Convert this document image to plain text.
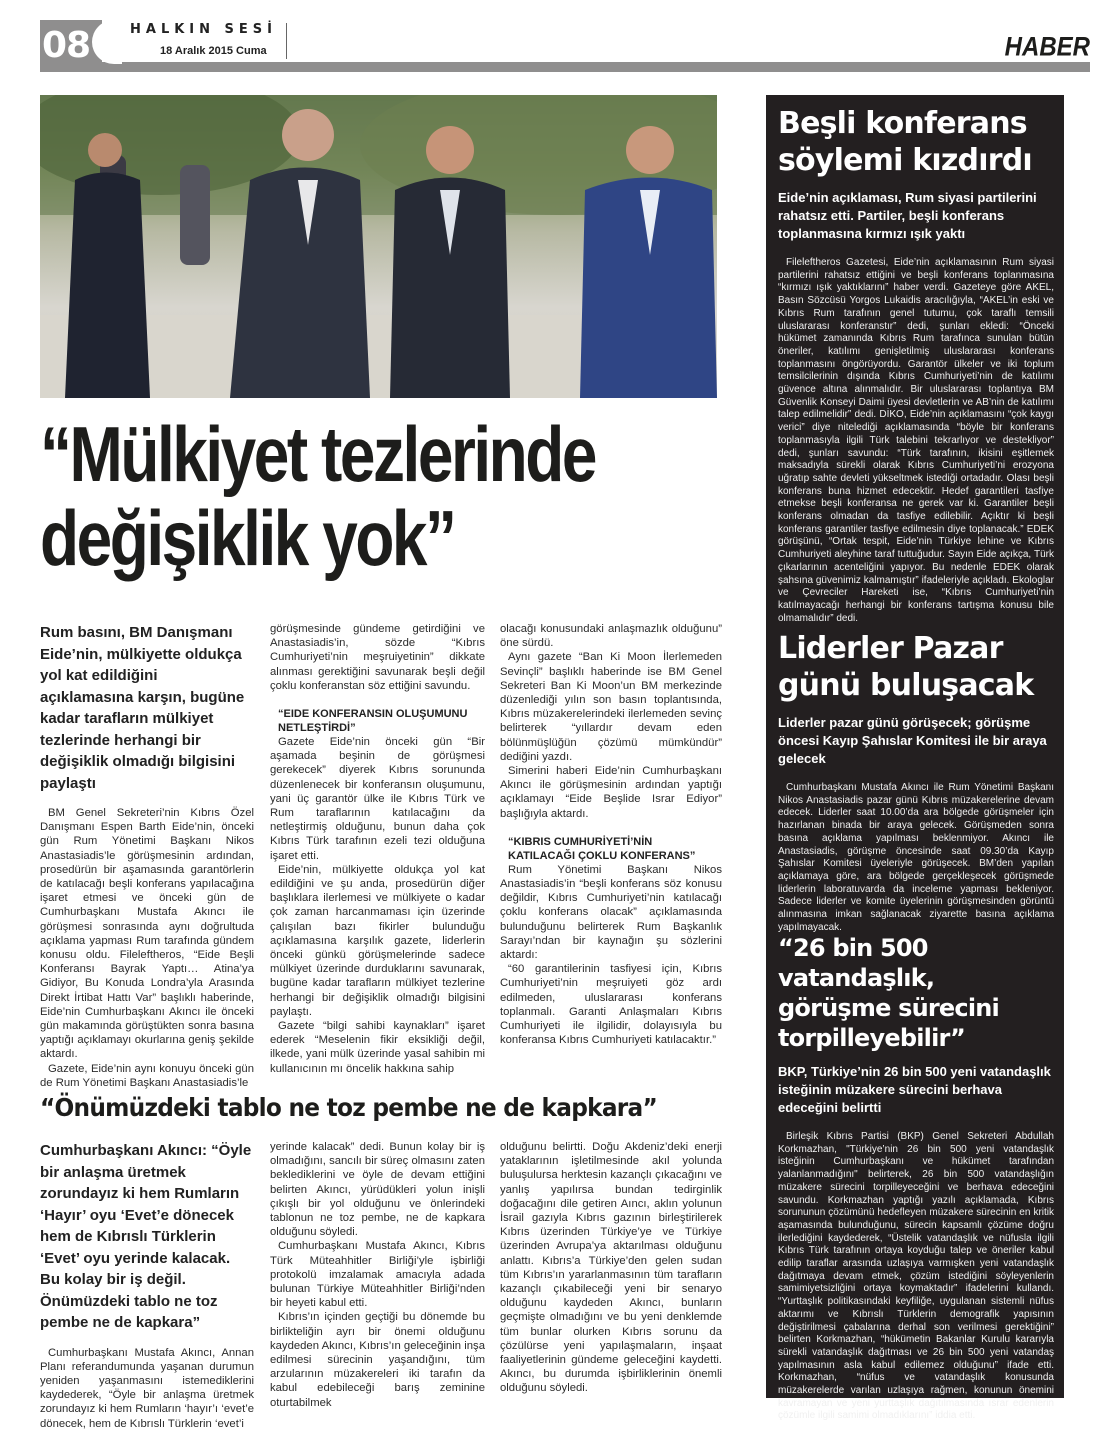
08	HALKIN SESİ
18 Aralık 2015 Cuma	HABER
“Mülkiyet tezlerinde
değişiklik yok”
Rum basını, BM Danışmanı Eide’nin, mülkiyette oldukça yol kat edildiğini açıklamasına karşın, bugüne kadar tarafların mülkiyet tezlerinde herhangi bir değişiklik olmadığı bilgisini paylaştı

BM Genel Sekreteri’nin Kıbrıs Özel Danışmanı Espen Barth Eide’nin, önceki gün Rum Yönetimi Başkanı Nikos Anastasiadis’le görüşmesinin ardından, prosedürün bir aşamasında garantörlerin de katılacağı beşli konferans yapılacağına işaret etmesi ve önceki gün de Cumhurbaşkanı Mustafa Akıncı ile görüşmesi sonrasında aynı doğrultuda açıklama yapması Rum tarafında gündem konusu oldu. Fileleftheros, “Eide Beşli Konferansı Bayrak Yaptı… Atina’ya Gidiyor, Bu Konuda Londra’yla Arasında Direkt İrtibat Hattı Var” başlıklı haberinde, Eide’nin Cumhurbaşkanı Akıncı ile önceki gün makamında görüştükten sonra basına yaptığı açıklamayı okurlarına geniş şekilde aktardı.

Gazete, Eide’nin aynı konuyu önceki gün de Rum Yönetimi Başkanı Anastasiadis’le

görüşmesinde gündeme getirdiğini ve Anastasiadis’in, sözde “Kıbrıs Cumhuriyeti’nin meşruiyetinin” dikkate alınması gerektiğini savunarak beşli değil çoklu konferanstan söz ettiğini savundu.

“EIDE KONFERANSIN OLUŞUMUNU NETLEŞTİRDİ”

Gazete Eide’nin önceki gün “Bir aşamada beşinin de görüşmesi gerekecek” diyerek Kıbrıs sorununda düzenlenecek bir konferansın oluşumunu, yani üç garantör ülke ile Kıbrıs Türk ve Rum taraflarının katılacağını da netleştirmiş olduğunu, bunun daha çok Kıbrıs Türk tarafının ezeli tezi olduğuna işaret etti.

Eide’nin, mülkiyette oldukça yol kat edildiğini ve şu anda, prosedürün diğer başlıklara ilerlemesi ve mülkiyete o kadar çok zaman harcanmaması için üzerinde çalışılan bazı fikirler bulunduğu açıklamasına karşılık gazete, liderlerin önceki günkü görüşmelerinde sadece mülkiyet üzerinde durduklarını savunarak, bugüne kadar tarafların mülkiyet tezlerine herhangi bir değişiklik olmadığı bilgisini paylaştı.

Gazete “bilgi sahibi kaynakları” işaret ederek “Meselenin fikir eksikliği değil, ilkede, yani mülk üzerinde yasal sahibin mi kullanıcının mı öncelik hakkına sahip

olacağı konusundaki anlaşmazlık olduğunu” öne sürdü.

Aynı gazete “Ban Ki Moon İlerlemeden Sevinçli” başlıklı haberinde ise BM Genel Sekreteri Ban Ki Moon’un BM merkezinde düzenlediği yılın son basın toplantısında, Kıbrıs müzakerelerindeki ilerlemeden sevinç belirterek “yıllardır devam eden bölünmüşlüğün çözümü mümkündür” dediğini yazdı.

Simerini haberi Eide’nin Cumhurbaşkanı Akıncı ile görüşmesinin ardından yaptığı açıklamayı “Eide Beşlide Israr Ediyor” başlığıyla aktardı.

“KIBRIS CUMHURİYETİ’NİN KATILACAĞI ÇOKLU KONFERANS”

Rum Yönetimi Başkanı Nikos Anastasiadis’in “beşli konferans söz konusu değildir, Kıbrıs Cumhuriyeti’nin katılacağı çoklu konferans olacak” açıklamasında bulunduğunu belirterek Rum Başkanlık Sarayı’ndan bir kaynağın şu sözlerini aktardı:

“60 garantilerinin tasfiyesi için, Kıbrıs Cumhuriyeti’nin meşruiyeti göz ardı edilmeden, uluslararası konferans toplanmalı. Garanti Anlaşmaları Kıbrıs Cumhuriyeti ile ilgilidir, dolayısıyla bu konferansa Kıbrıs Cumhuriyeti katılacaktır.”

“Önümüzdeki tablo ne toz pembe ne de kapkara”
Cumhurbaşkanı Akıncı: “Öyle bir anlaşma üretmek zorundayız ki hem Rumların ‘Hayır’ oyu ‘Evet’e dönecek hem de Kıbrıslı Türklerin ‘Evet’ oyu yerinde kalacak. Bu kolay bir iş değil. Önümüzdeki tablo ne toz pembe ne de kapkara”

Cumhurbaşkanı Mustafa Akıncı, Annan Planı referandumunda yaşanan durumun yeniden yaşanmasını istemediklerini kaydederek, “Öyle bir anlaşma üretmek zorundayız ki hem Rumların ‘hayır’ı ‘evet’e dönecek, hem de Kıbrıslı Türklerin ‘evet’i

yerinde kalacak” dedi. Bunun kolay bir iş olmadığını, sancılı bir süreç olmasını zaten beklediklerini ve öyle de devam ettiğini belirten Akıncı, yürüdükleri yolun inişli çıkışlı bir yol olduğunu ve önlerindeki tablonun ne toz pembe, ne de kapkara olduğunu söyledi.

Cumhurbaşkanı Mustafa Akıncı, Kıbrıs Türk Müteahhitler Birliği’yle işbirliği protokolü imzalamak amacıyla adada bulunan Türkiye Müteahhitler Birliği’nden bir heyeti kabul etti.

Kıbrıs’ın içinden geçtiği bu dönemde bu birlikteliğin ayrı bir önemi olduğunu kaydeden Akıncı, Kıbrıs’ın geleceğinin inşa edilmesi sürecinin yaşandığını, tüm arzularının müzakereleri iki tarafın da kabul edebileceği barış zeminine oturtabilmek

olduğunu belirtti. Doğu Akdeniz’deki enerji yataklarının işletilmesinde akıl yolunda buluşulursa herktesin kazançlı çıkacağını ve yanlış yapılırsa bundan tedirginlik doğacağını dile getiren Aıncı, aklın yolunun İsrail gazıyla Kıbrıs gazının birleştirilerek Kıbrıs üzerinden Türkiye’ye ve Türkiye üzerinden Avrupa’ya aktarılması olduğunu anlattı. Kıbrıs’a Türkiye’den gelen sudan tüm Kıbrıs’ın yararlanmasının tüm tarafların kazançlı çıkabileceği yeni bir senaryo olduğunu kaydeden Akıncı, bunların geçmişte olmadığını ve bu yeni denklemde tüm bunlar olurken Kıbrıs sorunu da çözülürse yeni yapılaşmaların, inşaat faaliyetlerinin gündeme geleceğini kaydetti. Akıncı, bu durumda işbirliklerinin önemli olduğunu söyledi.

Beşli konferans söylemi kızdırdı
Eide’nin açıklaması, Rum siyasi partilerini rahatsız etti. Partiler, beşli konferans toplanmasına kırmızı ışık yaktı

Fileleftheros Gazetesi, Eide’nin açıklamasının Rum siyasi partilerini rahatsız ettiğini ve beşli konferans toplanmasına “kırmızı ışık yaktıklarını” haber verdi. Gazeteye göre AKEL, Basın Sözcüsü Yorgos Lukaidis aracılığıyla, “AKEL’in eski ve Kıbrıs Rum tarafının genel tutumu, çok taraflı temsili uluslararası konferanstır” dedi, şunları ekledi: “Önceki hükümet zamanında Kıbrıs Rum tarafınca sunulan bütün öneriler, katılımı genişletilmiş uluslararası konferans toplanmasını öngörüyordu. Garantör ülkeler ve iki toplum temsilcilerinin dışında Kıbrıs Cumhuriyeti’nin de katılımı güvence altına alınmalıdır. Bir uluslararası toplantıya BM Güvenlik Konseyi Daimi üyesi devletlerin ve AB’nin de katılımı talep edilmelidir” dedi. DİKO, Eide’nin açıklamasını “çok kaygı verici” diye nitelediği açıklamasında “böyle bir konferans toplanmasıyla ilgili Türk talebini tekrarlıyor ve destekliyor” dedi, şunları savundu: “Türk tarafının, ikisini eşitlemek maksadıyla sürekli olarak Kıbrıs Cumhuriyeti’ni erozyona uğratıp sahte devleti yükseltmek istediği ortadadır. Olası beşli konferans buna hizmet edecektir. Hedef garantileri tasfiye etmekse beşli konferansa ne gerek var ki. Garantiler beşli konferans olmadan da tasfiye edilebilir. Açıktır ki beşli konferans garantiler tasfiye edilmesin diye toplanacak.” EDEK görüşünü, “Ortak tespit, Eide’nin Türkiye lehine ve Kıbrıs Cumhuriyeti aleyhine taraf tuttuğudur. Sayın Eide açıkça, Türk çıkarlarının acenteliğini yapıyor. Bu nedenle EDEK olarak şahsına güvenimiz kalmamıştır” ifadeleriyle açıkladı. Ekologlar ve Çevreciler Hareketi ise, “Kıbrıs Cumhuriyeti’nin katılmayacağı herhangi bir konferans tartışma konusu bile olmamalıdır” dedi.

Liderler Pazar günü buluşacak
Liderler pazar günü görüşecek; görüşme öncesi Kayıp Şahıslar Komitesi ile bir araya gelecek

Cumhurbaşkanı Mustafa Akıncı ile Rum Yönetimi Başkanı Nikos Anastasiadis pazar günü Kıbrıs müzakerelerine devam edecek. Liderler saat 10.00’da ara bölgede görüşmeler için hazırlanan binada bir araya gelecek. Görüşmeden sonra basına açıklama yapılması beklenmiyor. Akıncı ile Anastasiadis, görüşme öncesinde saat 09.30’da Kayıp Şahıslar Komitesi üyeleriyle görüşecek. BM’den yapılan açıklamaya göre, ara bölgede gerçekleşecek görüşmede liderlerin laboratuvarda da inceleme yapması bekleniyor. Sadece liderler ve komite üyelerinin görüşmesinden görüntü alınmasına imkan sağlanacak ziyarette basına açıklama yapılmayacak.

“26 bin 500 vatandaşlık, görüşme sürecini torpilleyebilir”
BKP, Türkiye’nin 26 bin 500 yeni vatandaşlık isteğinin müzakere sürecini berhava edeceğini belirtti

Birleşik Kıbrıs Partisi (BKP) Genel Sekreteri Abdullah Korkmazhan, "Türkiye’nin 26 bin 500 yeni vatandaşlık isteğinin Cumhurbaşkanı ve hükümet tarafından yalanlanmadığını" belirterek, 26 bin 500 vatandaşlığın müzakere sürecini torpilleyeceğini ve berhava edeceğini savundu. Korkmazhan yaptığı yazılı açıklamada, Kıbrıs sorununun çözümünü hedefleyen müzakere sürecinin en kritik aşamasında bulunduğunu, sürecin kapsamlı çözüme doğru ilerlediğini kaydederek, “Üstelik vatandaşlık ve nüfusla ilgili Kıbrıs Türk tarafının ortaya koyduğu talep ve öneriler kabul edilip taraflar arasında uzlaşıya varmışken yeni vatandaşlık dağıtmaya devam etmek, çözüm istediğini söyleyenlerin samimiyetsizliğini ortaya koymaktadır” ifadelerini kullandı. “Yurttaşlık politikasındaki keyfiliğe, uygulanan sistemli nüfus aktarımı ve Kıbrıslı Türklerin demografik yapısının değiştirilmesi çabalarına derhal son verilmesi gerektiğini” belirten Korkmazhan, “hükümetin Bakanlar Kurulu kararıyla sürekli vatandaşlık dağıtması ve 26 bin 500 yeni vatandaş yapılmasının asla kabul edilemez olduğunu” ifade etti. Korkmazhan, “nüfus ve vatandaşlık konusunda müzakerelerde varılan uzlaşıya rağmen, konunun önemini kavramayan ve yeni yurttaşlık dağıtılmasında ısrar edenlerin çözümle ilgili samimi olmadıklarını” iddia etti.
